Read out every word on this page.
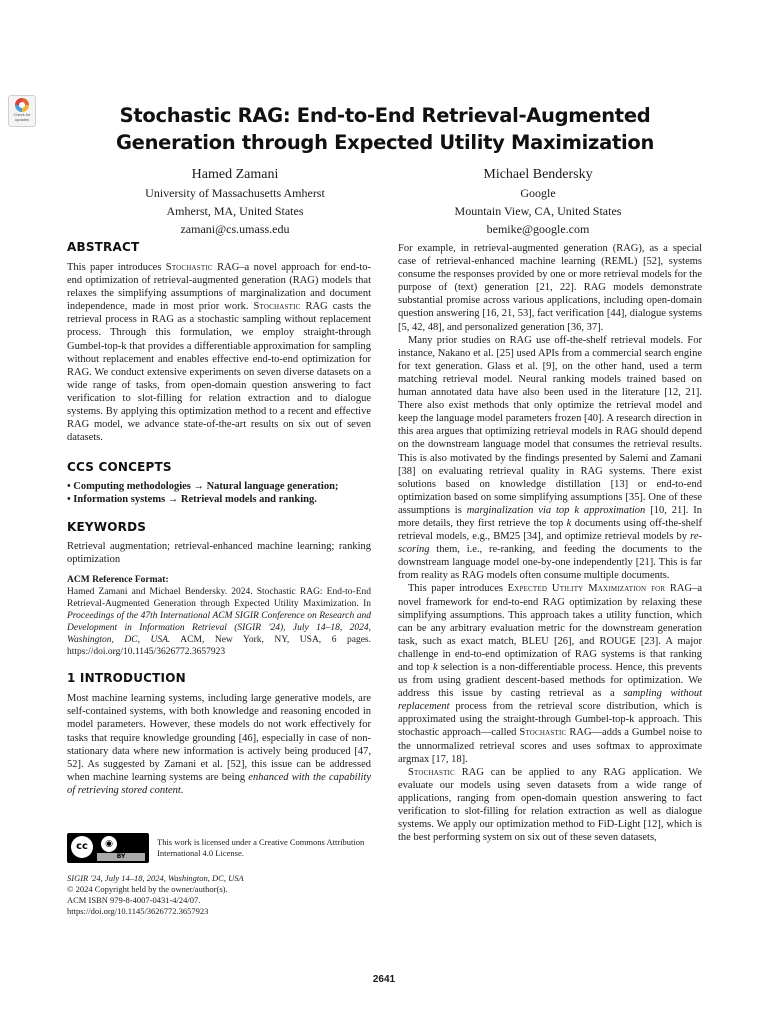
Check for updates	Stochastic RAG: End-to-End Retrieval-Augmented Generation through Expected Utility Maximization
Hamed Zamani
University of Massachusetts Amherst
Amherst, MA, United States
zamani@cs.umass.edu
Michael Bendersky
Google
Mountain View, CA, United States
bemike@google.com
ABSTRACT

This paper introduces Stochastic RAG–a novel approach for end-to-end optimization of retrieval-augmented generation (RAG) models that relaxes the simplifying assumptions of marginalization and document independence, made in most prior work. Stochastic RAG casts the retrieval process in RAG as a stochastic sampling without replacement process. Through this formulation, we employ straight-through Gumbel-top-k that provides a differentiable approximation for sampling without replacement and enables effective end-to-end optimization for RAG. We conduct extensive experiments on seven diverse datasets on a wide range of tasks, from open-domain question answering to fact verification to slot-filling for relation extraction and to dialogue systems. By applying this optimization method to a recent and effective RAG model, we advance state-of-the-art results on six out of seven datasets.

CCS CONCEPTS

• Computing methodologies → Natural language generation;

• Information systems → Retrieval models and ranking.

KEYWORDS

Retrieval augmentation; retrieval-enhanced machine learning; ranking optimization

ACM Reference Format:

Hamed Zamani and Michael Bendersky. 2024. Stochastic RAG: End-to-End Retrieval-Augmented Generation through Expected Utility Maximization. In Proceedings of the 47th International ACM SIGIR Conference on Research and Development in Information Retrieval (SIGIR '24), July 14–18, 2024, Washington, DC, USA. ACM, New York, NY, USA, 6 pages. https://doi.org/10.1145/3626772.3657923

1 INTRODUCTION

Most machine learning systems, including large generative models, are self-contained systems, with both knowledge and reasoning encoded in model parameters. However, these models do not work effectively for tasks that require knowledge grounding [46], especially in case of non-stationary data where new information is actively being produced [47, 52]. As suggested by Zamani et al. [52], this issue can be addressed when machine learning systems are being enhanced with the capability of retrieving stored content.

cc	◉
BY
This work is licensed under a Creative Commons Attribution International 4.0 License.
SIGIR '24, July 14–18, 2024, Washington, DC, USA
© 2024 Copyright held by the owner/author(s).
ACM ISBN 979-8-4007-0431-4/24/07.
https://doi.org/10.1145/3626772.3657923

For example, in retrieval-augmented generation (RAG), as a special case of retrieval-enhanced machine learning (REML) [52], systems consume the responses provided by one or more retrieval models for the purpose of (text) generation [21, 22]. RAG models demonstrate substantial promise across various applications, including open-domain question answering [16, 21, 53], fact verification [44], dialogue systems [5, 42, 48], and personalized generation [36, 37].

Many prior studies on RAG use off-the-shelf retrieval models. For instance, Nakano et al. [25] used APIs from a commercial search engine for text generation. Glass et al. [9], on the other hand, used a term matching retrieval model. Neural ranking models trained based on human annotated data have also been used in the literature [12, 21]. There also exist methods that only optimize the retrieval model and keep the language model parameters frozen [40]. A research direction in this area argues that optimizing retrieval models in RAG should depend on the downstream language model that consumes the retrieval results. This is also motivated by the findings presented by Salemi and Zamani [38] on evaluating retrieval quality in RAG systems. There exist solutions based on knowledge distillation [13] or end-to-end optimization based on some simplifying assumptions [35]. One of these assumptions is marginalization via top k approximation [10, 21]. In more details, they first retrieve the top k documents using off-the-shelf retrieval models, e.g., BM25 [34], and optimize retrieval models by re-scoring them, i.e., re-ranking, and feeding the documents to the downstream language model one-by-one independently [21]. This is far from reality as RAG models often consume multiple documents.

This paper introduces Expected Utility Maximization for RAG–a novel framework for end-to-end RAG optimization by relaxing these simplifying assumptions. This approach takes a utility function, which can be any arbitrary evaluation metric for the downstream generation task, such as exact match, BLEU [26], and ROUGE [23]. A major challenge in end-to-end optimization of RAG systems is that ranking and top k selection is a non-differentiable process. Hence, this prevents us from using gradient descent-based methods for optimization. We address this issue by casting retrieval as a sampling without replacement process from the retrieval score distribution, which is approximated using the straight-through Gumbel-top-k approach. This stochastic approach—called Stochastic RAG—adds a Gumbel noise to the unnormalized retrieval scores and uses softmax to approximate argmax [17, 18].

Stochastic RAG can be applied to any RAG application. We evaluate our models using seven datasets from a wide range of applications, ranging from open-domain question answering to fact verification to slot-filling for relation extraction as well as dialogue systems. We apply our optimization method to FiD-Light [12], which is the best performing system on six out of these seven datasets,

2641
